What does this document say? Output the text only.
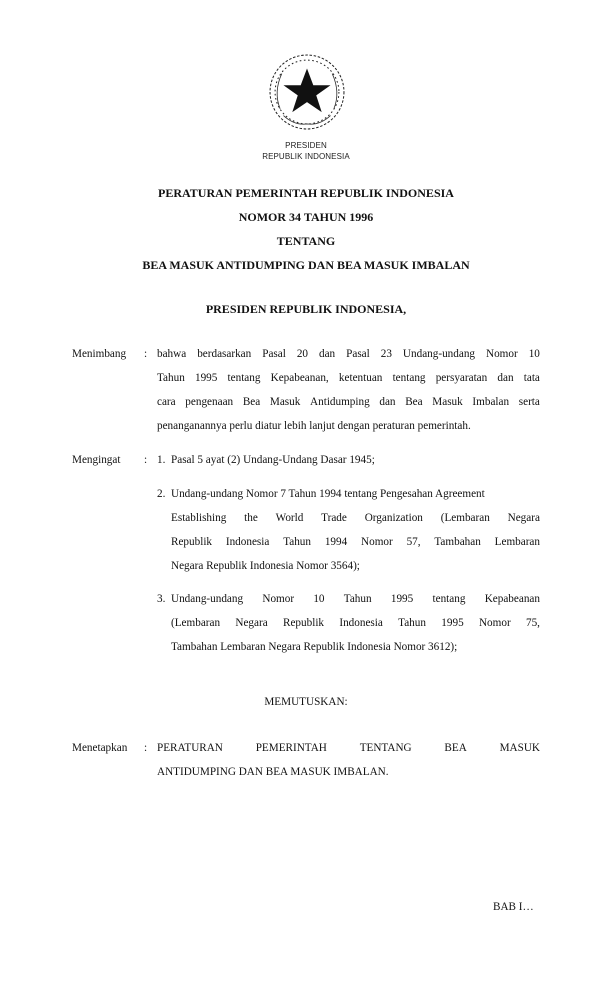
PRESIDEN
REPUBLIK INDONESIA
PERATURAN PEMERINTAH REPUBLIK INDONESIA
NOMOR 34 TAHUN 1996
TENTANG
BEA MASUK ANTIDUMPING DAN BEA MASUK IMBALAN
PRESIDEN REPUBLIK INDONESIA,
Menimbang : bahwa berdasarkan Pasal 20 dan Pasal 23 Undang-undang Nomor 10
Tahun 1995 tentang Kepabeanan, ketentuan tentang persyaratan dan tata
cara pengenaan Bea Masuk Antidumping dan Bea Masuk Imbalan serta
penanganannya perlu diatur lebih lanjut dengan peraturan pemerintah.
Mengingat : 1. Pasal 5 ayat (2) Undang-Undang Dasar 1945;
2. Undang-undang Nomor 7 Tahun 1994 tentang Pengesahan Agreement
Establishing the World Trade Organization (Lembaran Negara
Republik Indonesia Tahun 1994 Nomor 57, Tambahan Lembaran
Negara Republik Indonesia Nomor 3564);
3. Undang-undang Nomor 10 Tahun 1995 tentang Kepabeanan
(Lembaran Negara Republik Indonesia Tahun 1995 Nomor 75,
Tambahan Lembaran Negara Republik Indonesia Nomor 3612);
MEMUTUSKAN:
Menetapkan : PERATURAN	PEMERINTAH	TENTANG	BEA	MASUK
ANTIDUMPING DAN BEA MASUK IMBALAN.
BAB I…
